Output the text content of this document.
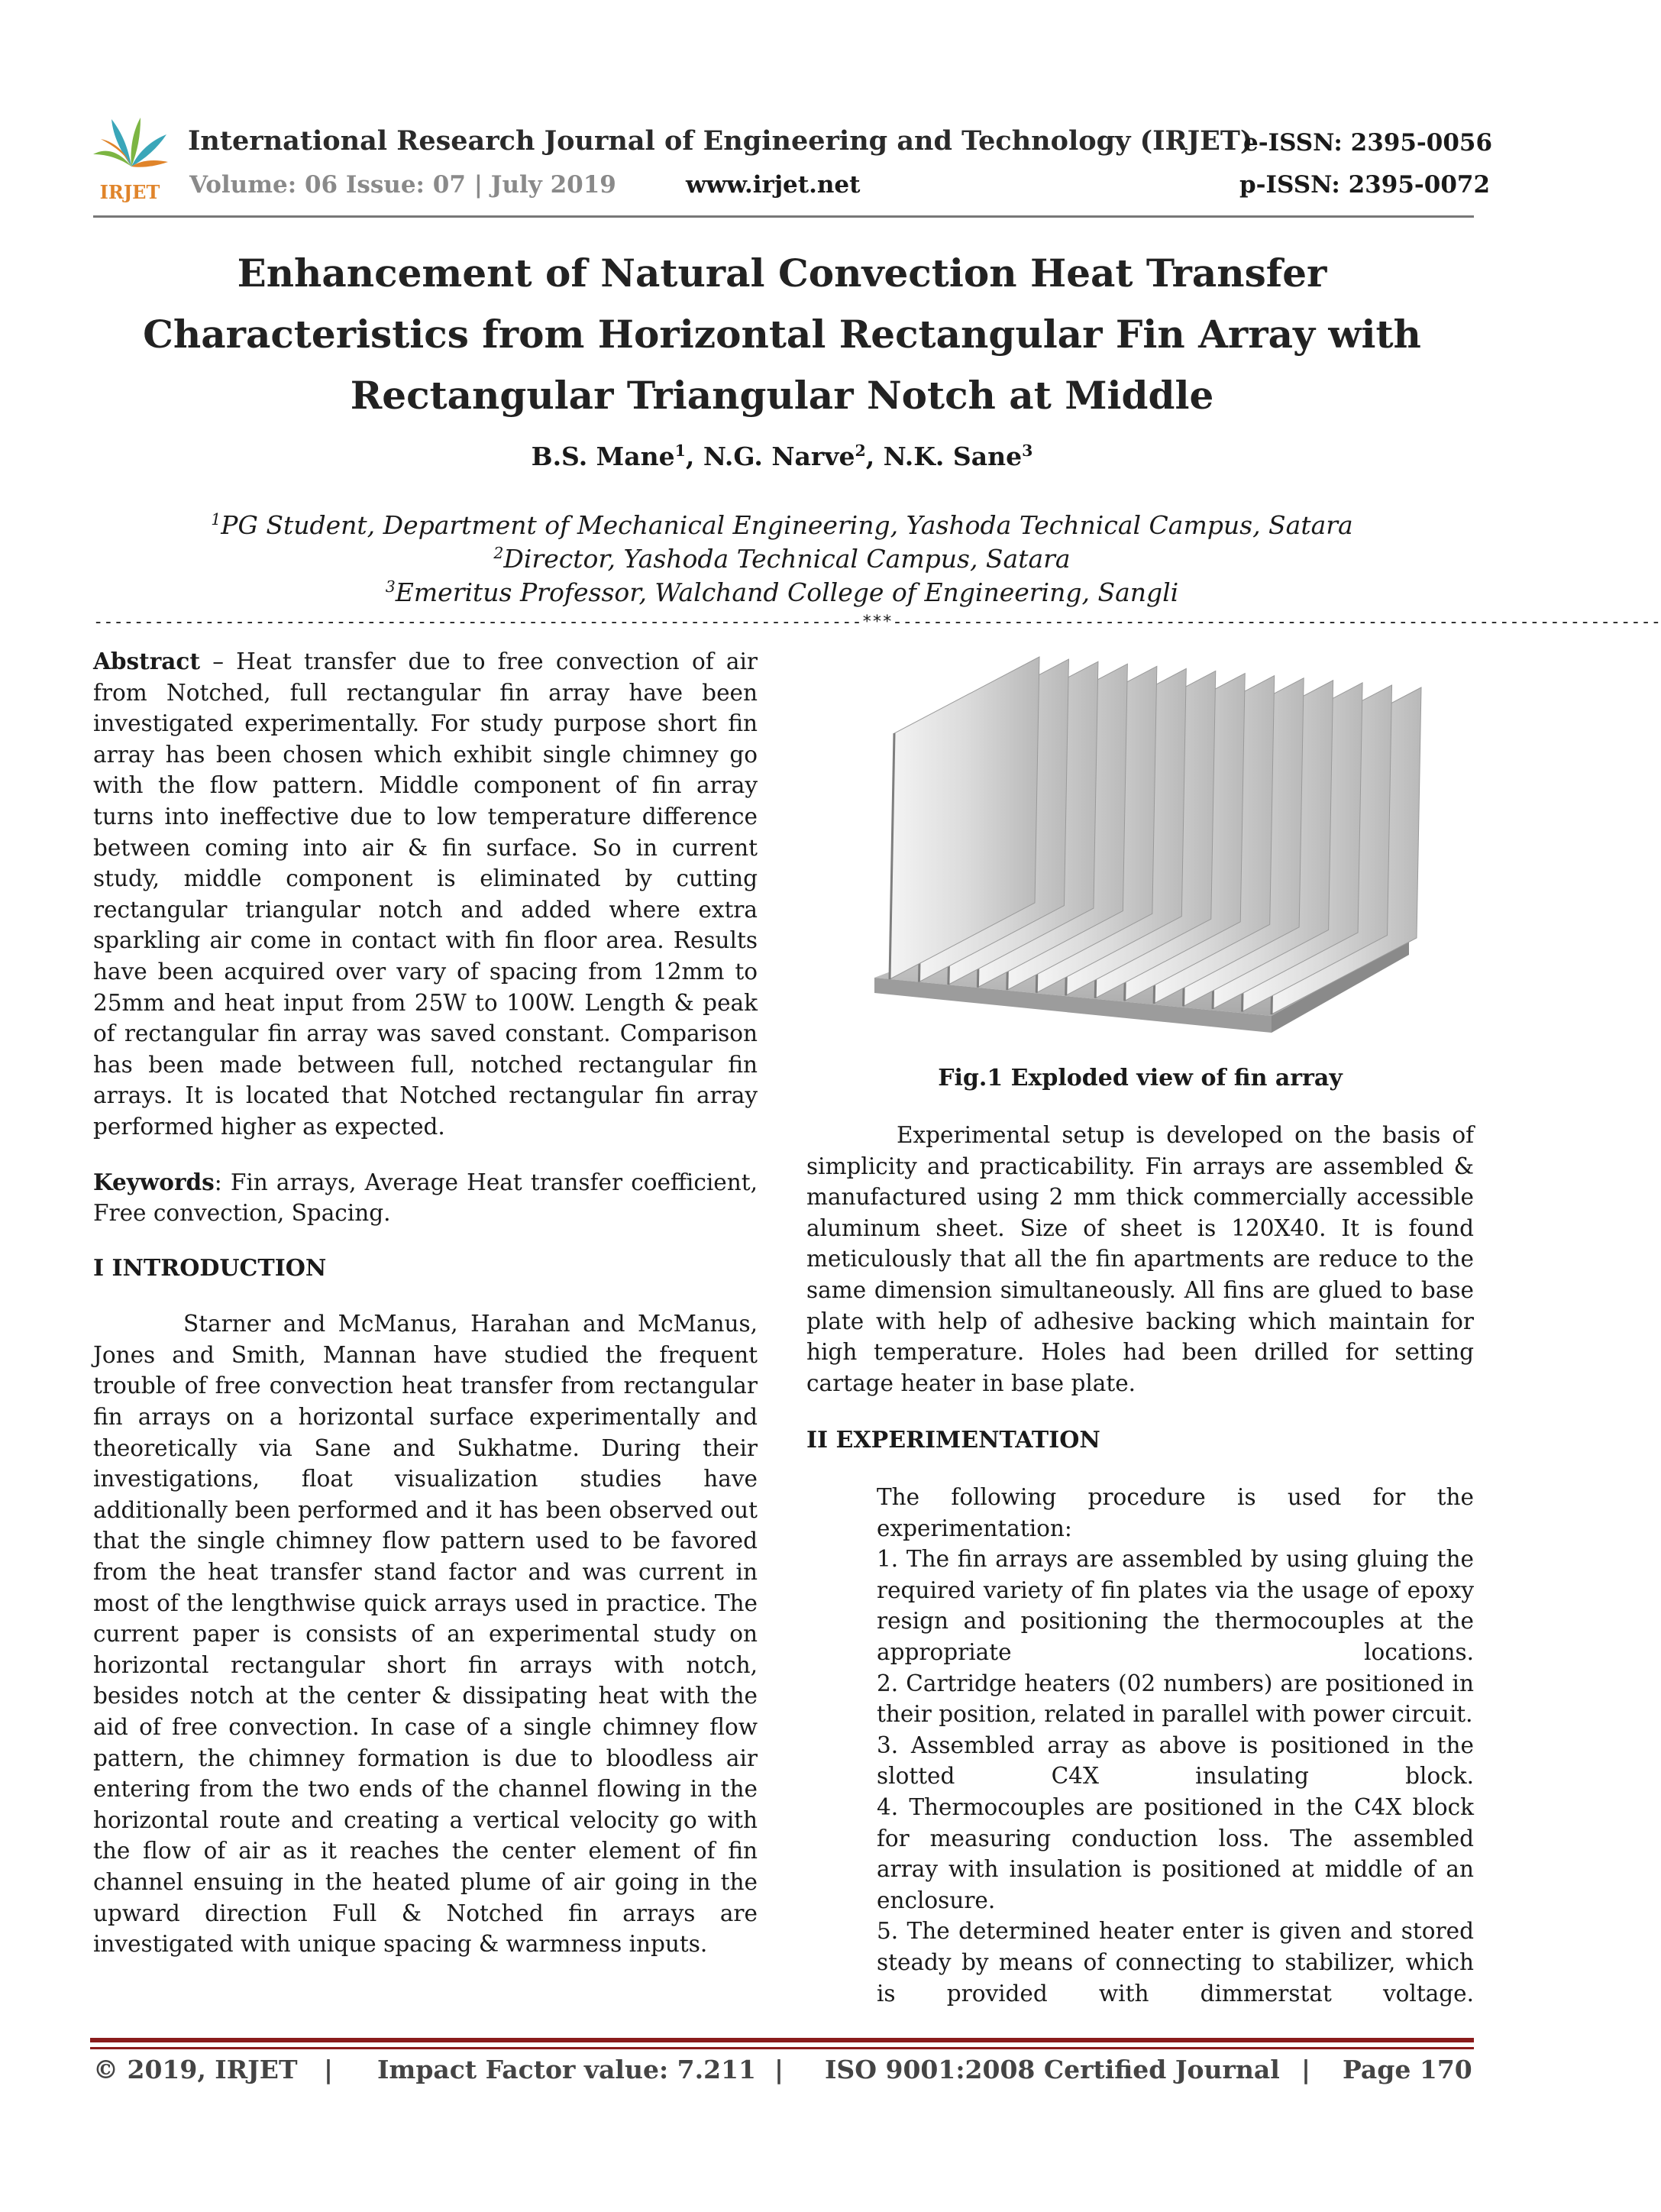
IRJET
International Research Journal of Engineering and Technology (IRJET)
e-ISSN: 2395-0056
Volume: 06 Issue: 07 | July 2019	www.irjet.net	p-ISSN: 2395-0072
Enhancement of Natural Convection Heat Transfer Characteristics from Horizontal Rectangular Fin Array with Rectangular Triangular Notch at Middle
B.S. Mane$^1$, N.G. Narve$^2$, N.K. Sane$^3$
$^1$PG Student, Department of Mechanical Engineering, Yashoda Technical Campus, Satara
$^2$Director, Yashoda Technical Campus, Satara
$^3$Emeritus Professor, Walchand College of Engineering, Sangli
----------------------------------------------------------------------------***----------------------------------------------------------------------------
Abstract – Heat transfer due to free convection of air from Notched, full rectangular fin array have been investigated experimentally. For study purpose short fin array has been chosen which exhibit single chimney go with the flow pattern. Middle component of fin array turns into ineffective due to low temperature difference between coming into air & fin surface. So in current study, middle component is eliminated by cutting rectangular triangular notch and added where extra sparkling air come in contact with fin floor area. Results have been acquired over vary of spacing from 12mm to 25mm and heat input from 25W to 100W. Length & peak of rectangular fin array was saved constant. Comparison has been made between full, notched rectangular fin arrays. It is located that Notched rectangular fin array performed higher as expected.
Keywords: Fin arrays, Average Heat transfer coefficient, Free convection, Spacing.
I INTRODUCTION
Starner and McManus, Harahan and McManus, Jones and Smith, Mannan have studied the frequent trouble of free convection heat transfer from rectangular fin arrays on a horizontal surface experimentally and theoretically via Sane and Sukhatme. During their investigations, float visualization studies have additionally been performed and it has been observed out that the single chimney flow pattern used to be favored from the heat transfer stand factor and was current in most of the lengthwise quick arrays used in practice. The current paper is consists of an experimental study on horizontal rectangular short fin arrays with notch, besides notch at the center & dissipating heat with the aid of free convection. In case of a single chimney flow pattern, the chimney formation is due to bloodless air entering from the two ends of the channel flowing in the horizontal route and creating a vertical velocity go with the flow of air as it reaches the center element of fin channel ensuing in the heated plume of air going in the upward direction Full & Notched fin arrays are investigated with unique spacing & warmness inputs.
Fig.1 Exploded view of fin array
Experimental setup is developed on the basis of simplicity and practicability. Fin arrays are assembled & manufactured using 2 mm thick commercially accessible aluminum sheet. Size of sheet is 120X40. It is found meticulously that all the fin apartments are reduce to the same dimension simultaneously. All fins are glued to base plate with help of adhesive backing which maintain for high temperature. Holes had been drilled for setting cartage heater in base plate.
II EXPERIMENTATION

The following procedure is used for the experimentation:

1. The fin arrays are assembled by using gluing the required variety of fin plates via the usage of epoxy resign and positioning the thermocouples at the appropriate locations.

2. Cartridge heaters (02 numbers) are positioned in their position, related in parallel with power circuit.

3. Assembled array as above is positioned in the slotted C4X insulating block.

4. Thermocouples are positioned in the C4X block for measuring conduction loss. The assembled array with insulation is positioned at middle of an enclosure.

5. The determined heater enter is given and stored steady by means of connecting to stabilizer, which is provided with dimmerstat voltage.

© 2019, IRJET | Impact Factor value: 7.211 | ISO 9001:2008 Certified Journal | Page 170
